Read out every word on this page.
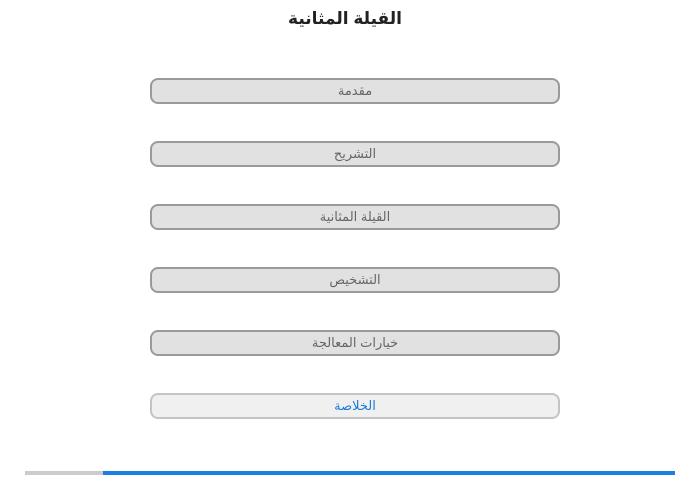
القيلة المثانية
مقدمة
التشريح
القيلة المثانية
التشخيص
خيارات المعالجة
الخلاصة
